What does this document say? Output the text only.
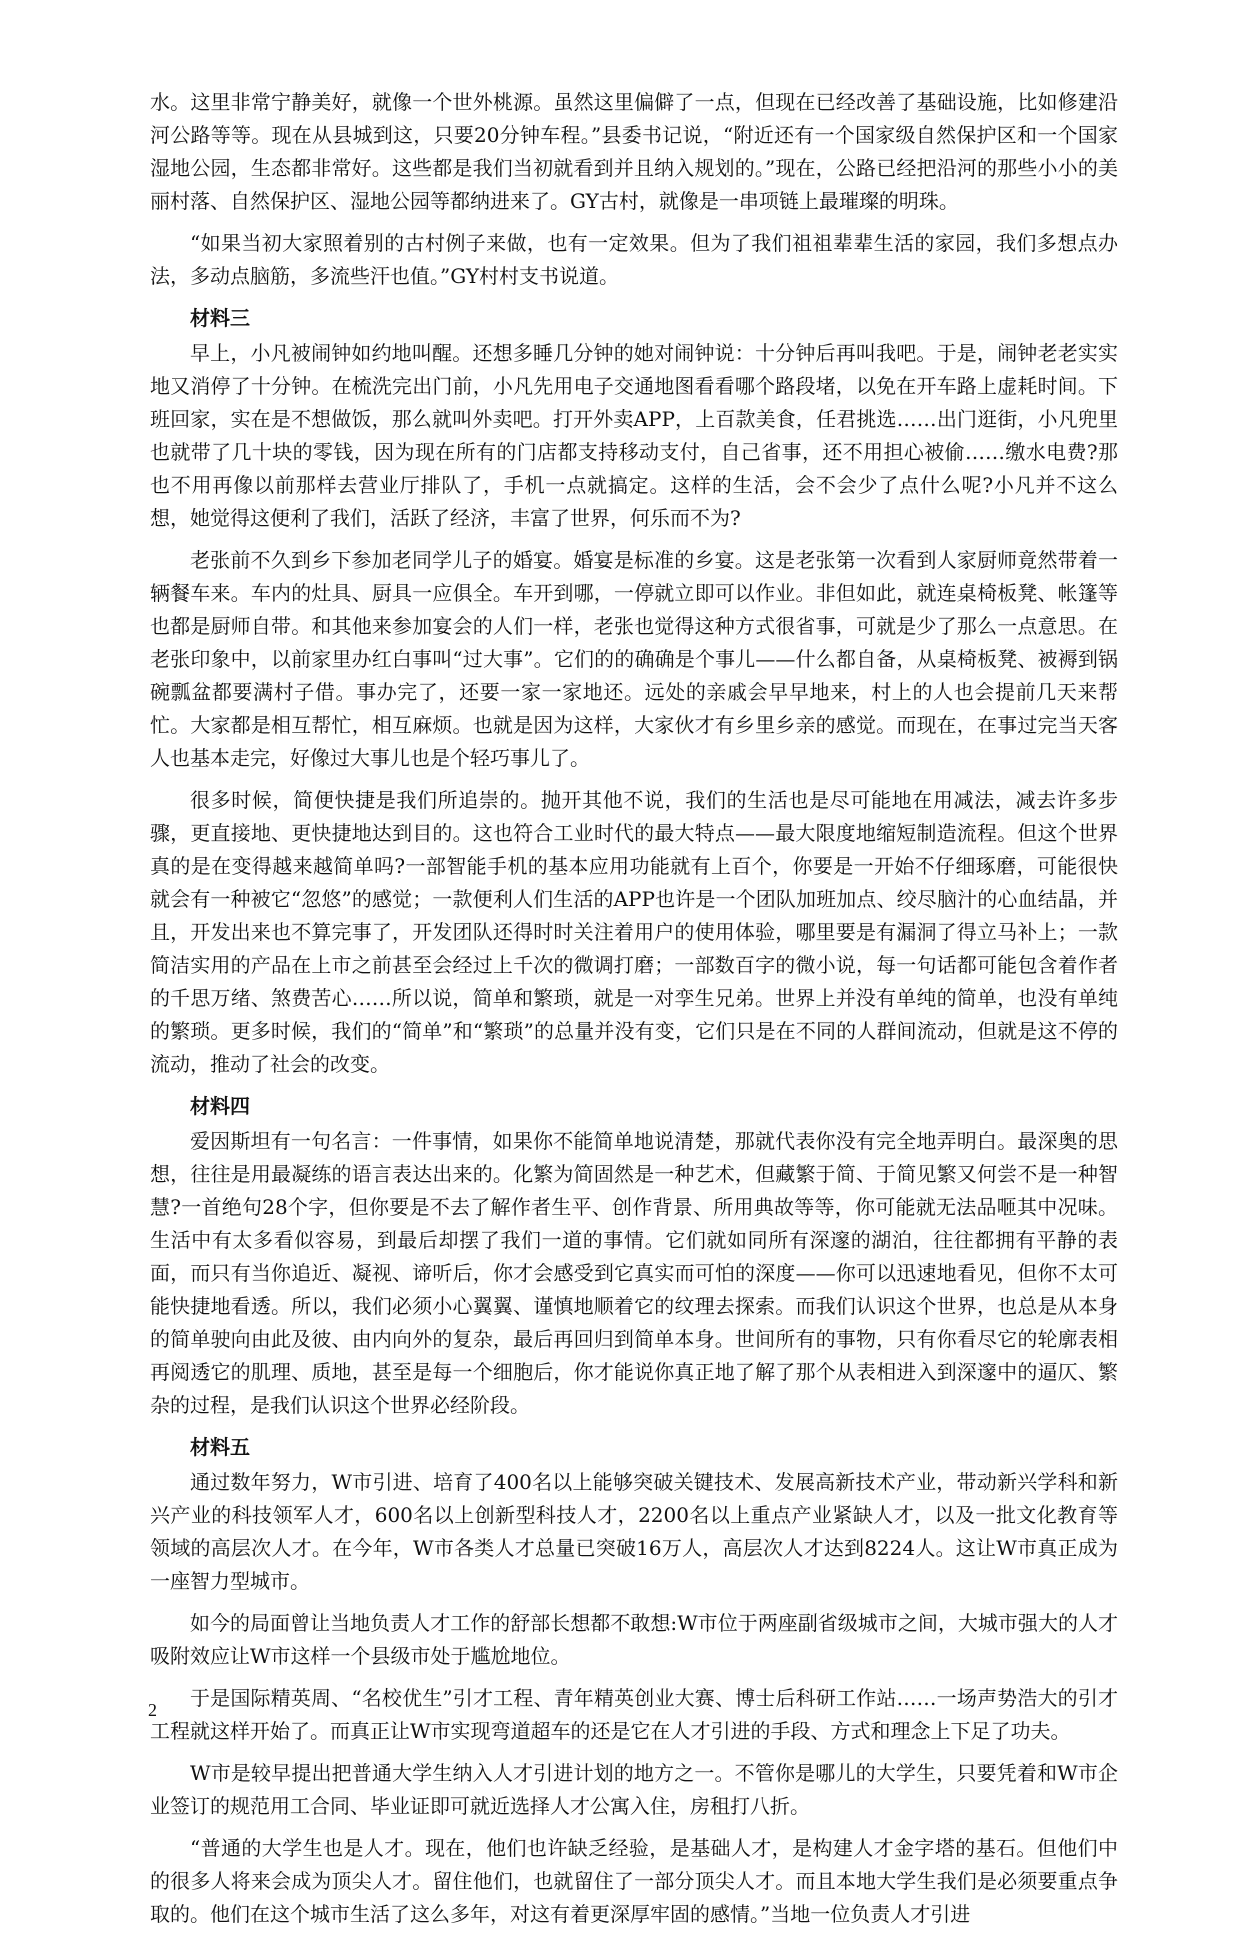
水。这里非常宁静美好，就像一个世外桃源。虽然这里偏僻了一点，但现在已经改善了基础设施，比如修建沿河公路等等。现在从县城到这，只要20分钟车程。”县委书记说，“附近还有一个国家级自然保护区和一个国家湿地公园，生态都非常好。这些都是我们当初就看到并且纳入规划的。”现在，公路已经把沿河的那些小小的美丽村落、自然保护区、湿地公园等都纳进来了。GY古村，就像是一串项链上最璀璨的明珠。

“如果当初大家照着别的古村例子来做，也有一定效果。但为了我们祖祖辈辈生活的家园，我们多想点办法，多动点脑筋，多流些汗也值。”GY村村支书说道。

材料三

早上，小凡被闹钟如约地叫醒。还想多睡几分钟的她对闹钟说：十分钟后再叫我吧。于是，闹钟老老实实地又消停了十分钟。在梳洗完出门前，小凡先用电子交通地图看看哪个路段堵，以免在开车路上虚耗时间。下班回家，实在是不想做饭，那么就叫外卖吧。打开外卖APP，上百款美食，任君挑选……出门逛街，小凡兜里也就带了几十块的零钱，因为现在所有的门店都支持移动支付，自己省事，还不用担心被偷……缴水电费?那也不用再像以前那样去营业厅排队了，手机一点就搞定。这样的生活，会不会少了点什么呢?小凡并不这么想，她觉得这便利了我们，活跃了经济，丰富了世界，何乐而不为?

老张前不久到乡下参加老同学儿子的婚宴。婚宴是标准的乡宴。这是老张第一次看到人家厨师竟然带着一辆餐车来。车内的灶具、厨具一应俱全。车开到哪，一停就立即可以作业。非但如此，就连桌椅板凳、帐篷等也都是厨师自带。和其他来参加宴会的人们一样，老张也觉得这种方式很省事，可就是少了那么一点意思。在老张印象中，以前家里办红白事叫“过大事”。它们的的确确是个事儿——什么都自备，从桌椅板凳、被褥到锅碗瓢盆都要满村子借。事办完了，还要一家一家地还。远处的亲戚会早早地来，村上的人也会提前几天来帮忙。大家都是相互帮忙，相互麻烦。也就是因为这样，大家伙才有乡里乡亲的感觉。而现在，在事过完当天客人也基本走完，好像过大事儿也是个轻巧事儿了。

很多时候，简便快捷是我们所追崇的。抛开其他不说，我们的生活也是尽可能地在用减法，减去许多步骤，更直接地、更快捷地达到目的。这也符合工业时代的最大特点——最大限度地缩短制造流程。但这个世界真的是在变得越来越简单吗?一部智能手机的基本应用功能就有上百个，你要是一开始不仔细琢磨，可能很快就会有一种被它“忽悠”的感觉；一款便利人们生活的APP也许是一个团队加班加点、绞尽脑汁的心血结晶，并且，开发出来也不算完事了，开发团队还得时时关注着用户的使用体验，哪里要是有漏洞了得立马补上；一款简洁实用的产品在上市之前甚至会经过上千次的微调打磨；一部数百字的微小说，每一句话都可能包含着作者的千思万绪、煞费苦心……所以说，简单和繁琐，就是一对孪生兄弟。世界上并没有单纯的简单，也没有单纯的繁琐。更多时候，我们的“简单”和“繁琐”的总量并没有变，它们只是在不同的人群间流动，但就是这不停的流动，推动了社会的改变。

材料四

爱因斯坦有一句名言：一件事情，如果你不能简单地说清楚，那就代表你没有完全地弄明白。最深奥的思想，往往是用最凝练的语言表达出来的。化繁为简固然是一种艺术，但藏繁于简、于简见繁又何尝不是一种智慧?一首绝句28个字，但你要是不去了解作者生平、创作背景、所用典故等等，你可能就无法品咂其中况味。生活中有太多看似容易，到最后却摆了我们一道的事情。它们就如同所有深邃的湖泊，往往都拥有平静的表面，而只有当你追近、凝视、谛听后，你才会感受到它真实而可怕的深度——你可以迅速地看见，但你不太可能快捷地看透。所以，我们必须小心翼翼、谨慎地顺着它的纹理去探索。而我们认识这个世界，也总是从本身的简单驶向由此及彼、由内向外的复杂，最后再回归到简单本身。世间所有的事物，只有你看尽它的轮廓表相再阅透它的肌理、质地，甚至是每一个细胞后，你才能说你真正地了解了那个从表相进入到深邃中的逼仄、繁杂的过程，是我们认识这个世界必经阶段。

材料五

通过数年努力，W市引进、培育了400名以上能够突破关键技术、发展高新技术产业，带动新兴学科和新兴产业的科技领军人才，600名以上创新型科技人才，2200名以上重点产业紧缺人才，以及一批文化教育等领域的高层次人才。在今年，W市各类人才总量已突破16万人，高层次人才达到8224人。这让W市真正成为一座智力型城市。

如今的局面曾让当地负责人才工作的舒部长想都不敢想:W市位于两座副省级城市之间，大城市强大的人才吸附效应让W市这样一个县级市处于尴尬地位。

于是国际精英周、“名校优生”引才工程、青年精英创业大赛、博士后科研工作站……一场声势浩大的引才工程就这样开始了。而真正让W市实现弯道超车的还是它在人才引进的手段、方式和理念上下足了功夫。

W市是较早提出把普通大学生纳入人才引进计划的地方之一。不管你是哪儿的大学生，只要凭着和W市企业签订的规范用工合同、毕业证即可就近选择人才公寓入住，房租打八折。

“普通的大学生也是人才。现在，他们也许缺乏经验，是基础人才，是构建人才金字塔的基石。但他们中的很多人将来会成为顶尖人才。留住他们，也就留住了一部分顶尖人才。而且本地大学生我们是必须要重点争取的。他们在这个城市生活了这么多年，对这有着更深厚牢固的感情。”当地一位负责人才引进

2
